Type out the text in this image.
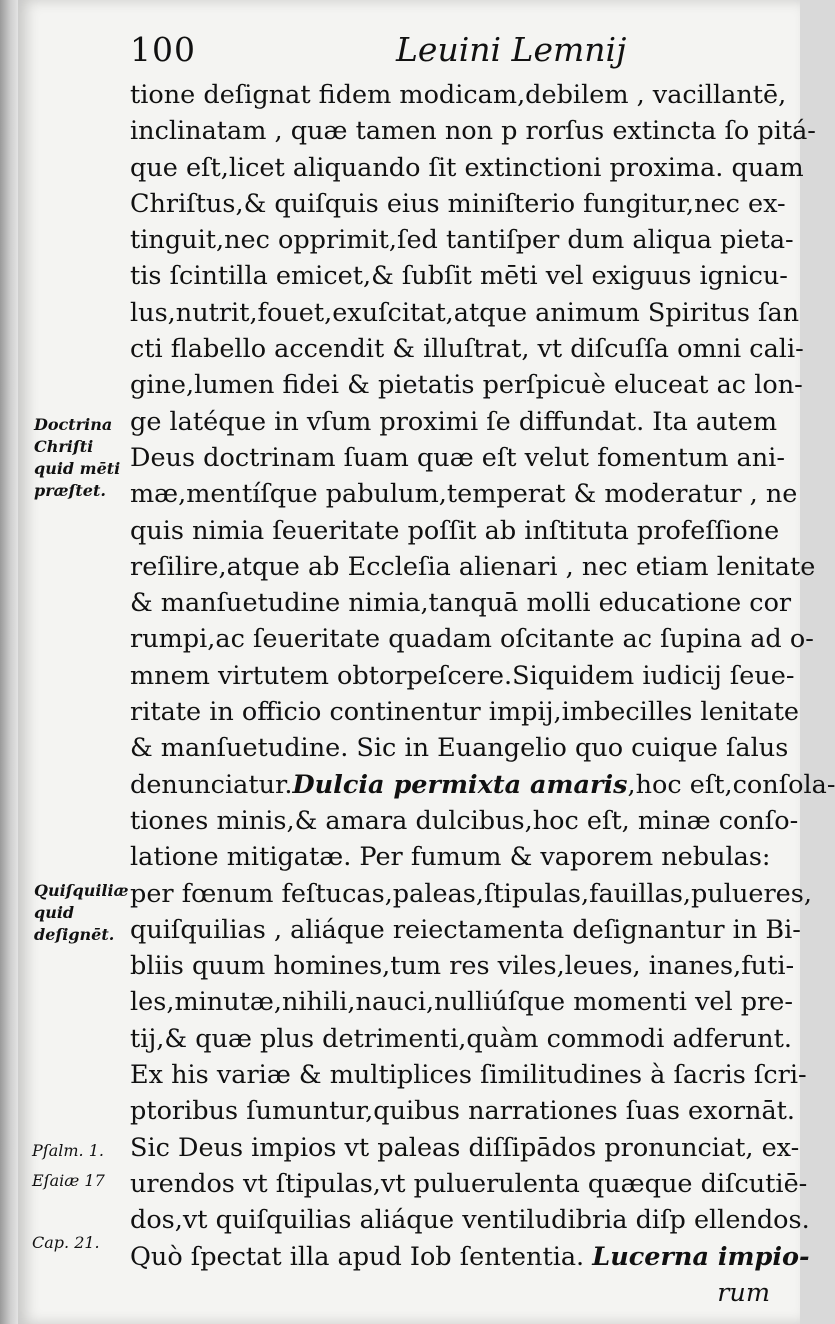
100	Leuini Lemnij
tione deſignat fidem modicam,debilem , vacillantē,
inclinatam , quæ tamen non p rorſus extincta ſo pitá-
que eſt,licet aliquando ſit extinctioni proxima. quam
Chriſtus,& quiſquis eius miniſterio fungitur,nec ex-
tinguit,nec opprimit,ſed tantiſper dum aliqua pieta-
tis ſcintilla emicet,& ſubſit mēti vel exiguus ignicu-
lus,nutrit,fouet,exuſcitat,atque animum Spiritus ſan
cti flabello accendit & illuſtrat, vt diſcuſſa omni cali-
gine,lumen fidei & pietatis perſpicuè eluceat ac lon-
ge latéque in vſum proximi ſe diffundat. Ita autem
Deus doctrinam ſuam quæ eſt velut fomentum ani-
mæ,mentíſque pabulum,temperat & moderatur , ne
quis nimia ſeueritate poſſit ab inſtituta profeſſione
reſilire,atque ab Eccleſia alienari , nec etiam lenitate
& manſuetudine nimia,tanquā molli educatione cor
rumpi,ac ſeueritate quadam oſcitante ac ſupina ad o-
mnem virtutem obtorpeſcere.Siquidem iudicij ſeue-
ritate in officio continentur impij,imbecilles lenitate
& manſuetudine. Sic in Euangelio quo cuique ſalus
denunciatur.Dulcia permixta amaris,hoc eſt,conſola-
tiones minis,& amara dulcibus,hoc eſt, minæ conſo-
latione mitigatæ. Per fumum & vaporem nebulas:
per fœnum feſtucas,paleas,ſtipulas,fauillas,pulueres,
quiſquilias , aliáque reiectamenta deſignantur in Bi-
bliis quum homines,tum res viles,leues, inanes,futi-
les,minutæ,nihili,nauci,nulliúſque momenti vel pre-
tij,& quæ plus detrimenti,quàm commodi adferunt.
Ex his variæ & multiplices ſimilitudines à ſacris ſcri-
ptoribus ſumuntur,quibus narrationes ſuas exornāt.
Sic Deus impios vt paleas diſſipādos pronunciat, ex-
urendos vt ſtipulas,vt puluerulenta quæque diſcutiē-
dos,vt quiſquilias aliáque ventiludibria diſp ellendos.
Quò ſpectat illa apud Iob ſententia. Lucerna impio-
rum
Doctrina Chriſti quid mēti præſtet.
Quiſquiliæ quid deſignēt.
Pſalm. 1.
Eſaiæ 17
Cap. 21.
